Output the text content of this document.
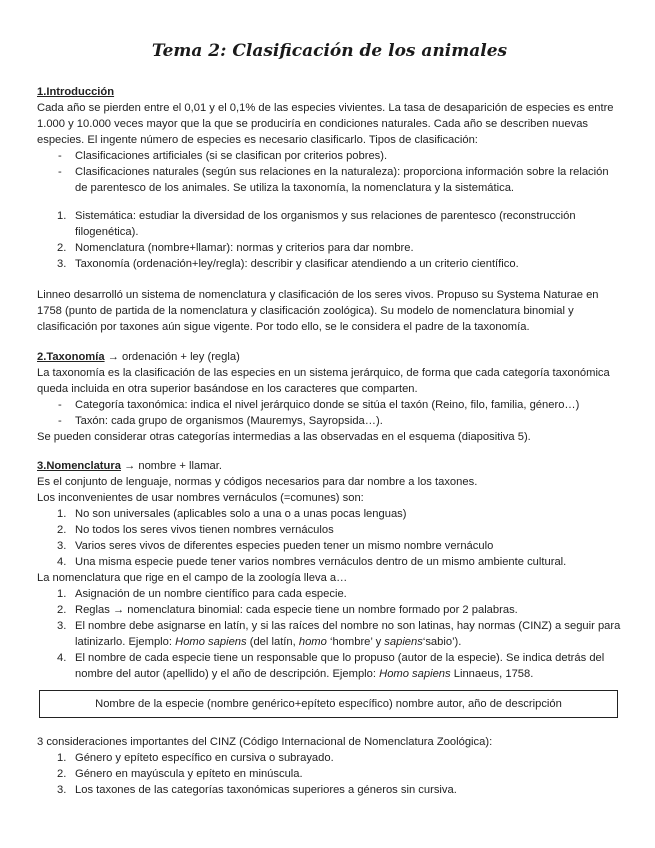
Tema 2: Clasificación de los animales

1.Introducción

Cada año se pierden entre el 0,01 y el 0,1% de las especies vivientes. La tasa de desaparición de especies es entre 1.000 y 10.000 veces mayor que la que se produciría en condiciones naturales. Cada año se describen nuevas especies. El ingente número de especies es necesario clasificarlo. Tipos de clasificación:

- Clasificaciones artificiales (si se clasifican por criterios pobres).
- Clasificaciones naturales (según sus relaciones en la naturaleza): proporciona información sobre la relación de parentesco de los animales. Se utiliza la taxonomía, la nomenclatura y la sistemática.
1. Sistemática: estudiar la diversidad de los organismos y sus relaciones de parentesco (reconstrucción filogenética).
2. Nomenclatura (nombre+llamar): normas y criterios para dar nombre.
3. Taxonomía (ordenación+ley/regla): describir y clasificar atendiendo a un criterio científico.

Linneo desarrolló un sistema de nomenclatura y clasificación de los seres vivos. Propuso su Systema Naturae en 1758 (punto de partida de la nomenclatura y clasificación zoológica). Su modelo de nomenclatura binomial y clasificación por taxones aún sigue vigente. Por todo ello, se le considera el padre de la taxonomía.

2.Taxonomía → ordenación + ley (regla)

La taxonomía es la clasificación de las especies en un sistema jerárquico, de forma que cada categoría taxonómica queda incluida en otra superior basándose en los caracteres que comparten.

- Categoría taxonómica: indica el nivel jerárquico donde se sitúa el taxón (Reino, filo, familia, género…)
- Taxón: cada grupo de organismos (Mauremys, Sayropsida…).

Se pueden considerar otras categorías intermedias a las observadas en el esquema (diapositiva 5).

3.Nomenclatura → nombre + llamar.

Es el conjunto de lenguaje, normas y códigos necesarios para dar nombre a los taxones.

Los inconvenientes de usar nombres vernáculos (=comunes) son:

1. No son universales (aplicables solo a una o a unas pocas lenguas)
2. No todos los seres vivos tienen nombres vernáculos
3. Varios seres vivos de diferentes especies pueden tener un mismo nombre vernáculo
4. Una misma especie puede tener varios nombres vernáculos dentro de un mismo ambiente cultural.

La nomenclatura que rige en el campo de la zoología lleva a…

1. Asignación de un nombre científico para cada especie.
2. Reglas → nomenclatura binomial: cada especie tiene un nombre formado por 2 palabras.
3. El nombre debe asignarse en latín, y si las raíces del nombre no son latinas, hay normas (CINZ) a seguir para latinizarlo. Ejemplo: Homo sapiens (del latín, homo ‘hombre’ y sapiens‘sabio’).
4. El nombre de cada especie tiene un responsable que lo propuso (autor de la especie). Se indica detrás del nombre del autor (apellido) y el año de descripción. Ejemplo: Homo sapiens Linnaeus, 1758.
Nombre de la especie (nombre genérico+epíteto específico) nombre autor, año de descripción

3 consideraciones importantes del CINZ (Código Internacional de Nomenclatura Zoológica):

1. Género y epíteto específico en cursiva o subrayado.
2. Género en mayúscula y epíteto en minúscula.
3. Los taxones de las categorías taxonómicas superiores a géneros sin cursiva.
